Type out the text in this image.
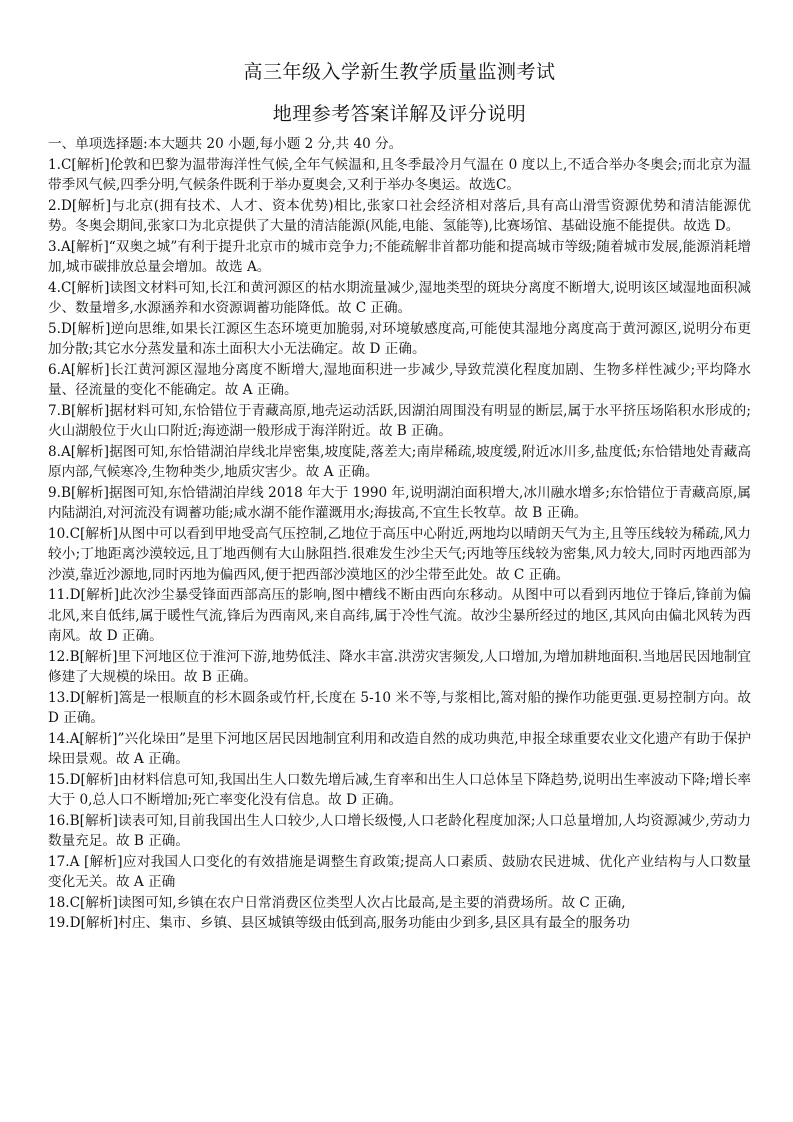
高三年级入学新生教学质量监测考试
地理参考答案详解及评分说明

一、单项选择题:本大题共 20 小题,每小题 2 分,共 40 分。

1.C[解析]伦敦和巴黎为温带海洋性气候,全年气候温和,且冬季最冷月气温在 0 度以上,不适合举办冬奥会;而北京为温带季风气候,四季分明,气候条件既利于举办夏奥会,又利于举办冬奥运。故选C。

2.D[解析]与北京(拥有技术、人才、资本优势)相比,张家口社会经济相对落后,具有高山滑雪资源优势和清洁能源优势。冬奥会期间,张家口为北京提供了大量的清洁能源(风能,电能、氢能等),比赛场馆、基础设施不能提供。故选 D。

3.A[解析]“双奥之城”有利于提升北京市的城市竞争力;不能疏解非首都功能和提高城市等级;随着城市发展,能源消耗增加,城市碳排放总量会增加。故选 A。

4.C[解析]读图文材料可知,长江和黄河源区的枯水期流量减少,湿地类型的斑块分离度不断增大,说明该区域湿地面积减少、数量增多,水源涵养和水资源调蓄功能降低。故 C 正确。

5.D[解析]逆向思维,如果长江源区生态环境更加脆弱,对环境敏感度高,可能使其湿地分离度高于黄河源区,说明分布更加分散;其它水分蒸发量和冻土面积大小无法确定。故 D 正确。

6.A[解析]长江黄河源区湿地分离度不断增大,湿地面积进一步减少,导致荒漠化程度加剧、生物多样性减少;平均降水量、径流量的变化不能确定。故 A 正确。

7.B[解析]据材料可知,东恰错位于青藏高原,地壳运动活跃,因湖泊周围没有明显的断层,属于水平挤压场陷积水形成的;火山湖般位于火山口附近;海迹湖一般形成于海洋附近。故 B 正确。

8.A[解析]据图可知,东恰错湖泊岸线北岸密集,坡度陡,落差大;南岸稀疏,坡度缓,附近冰川多,盐度低;东恰错地处青藏高原内部,气候寒冷,生物种类少,地质灾害少。故 A 正确。

9.B[解析]据图可知,东恰错湖泊岸线 2018 年大于 1990 年,说明湖泊面积增大,冰川融水增多;东恰错位于青藏高原,属内陆湖泊,对河流没有调蓄功能;咸水湖不能作灌溉用水;海拔高,不宜生长牧草。故 B 正确。

10.C[解析]从图中可以看到甲地受高气压控制,乙地位于高压中心附近,两地均以晴朗天气为主,且等压线较为稀疏,风力较小;丁地距离沙漠较远,且丁地西侧有大山脉阻挡.很难发生沙尘天气;丙地等压线较为密集,风力较大,同时丙地西部为沙漠,靠近沙源地,同时丙地为偏西风,便于把西部沙漠地区的沙尘带至此处。故 C 正确。

11.D[解析]此次沙尘暴受锋面西部高压的影响,图中槽线不断由西向东移动。从图中可以看到丙地位于锋后,锋前为偏北风,来自低纬,属于暖性气流,锋后为西南风,来自高纬,属于冷性气流。故沙尘暴所经过的地区,其风向由偏北风转为西南风。故 D 正确。

12.B[解析]里下河地区位于淮河下游,地势低洼、降水丰富.洪涝灾害频发,人口增加,为增加耕地面积.当地居民因地制宜修建了大规模的垛田。故 B 正确。

13.D[解析]篙是一根顺直的杉木圆条或竹杆,长度在 5-10 米不等,与浆相比,篙对船的操作功能更强.更易控制方向。故 D 正确。

14.A[解析]”兴化垛田”是里下河地区居民因地制宜利用和改造自然的成功典范,申报全球重要农业文化遗产有助于保护垛田景观。故 A 正确。

15.D[解析]由材料信息可知,我国出生人口数先增后减,生育率和出生人口总体呈下降趋势,说明出生率波动下降;增长率大于 0,总人口不断增加;死亡率变化没有信息。故 D 正确。

16.B[解析]读表可知,目前我国出生人口较少,人口增长级慢,人口老龄化程度加深;人口总量增加,人均资源减少,劳动力数量充足。故 B 正确。

17.A [解析]应对我国人口变化的有效措施是调整生育政策;提高人口素质、鼓励农民进城、优化产业结构与人口数量变化无关。故 A 正确

18.C[解析]读图可知,乡镇在农户日常消费区位类型人次占比最高,是主要的消费场所。故 C 正确,

19.D[解析]村庄、集市、乡镇、县区城镇等级由低到高,服务功能由少到多,县区具有最全的服务功
